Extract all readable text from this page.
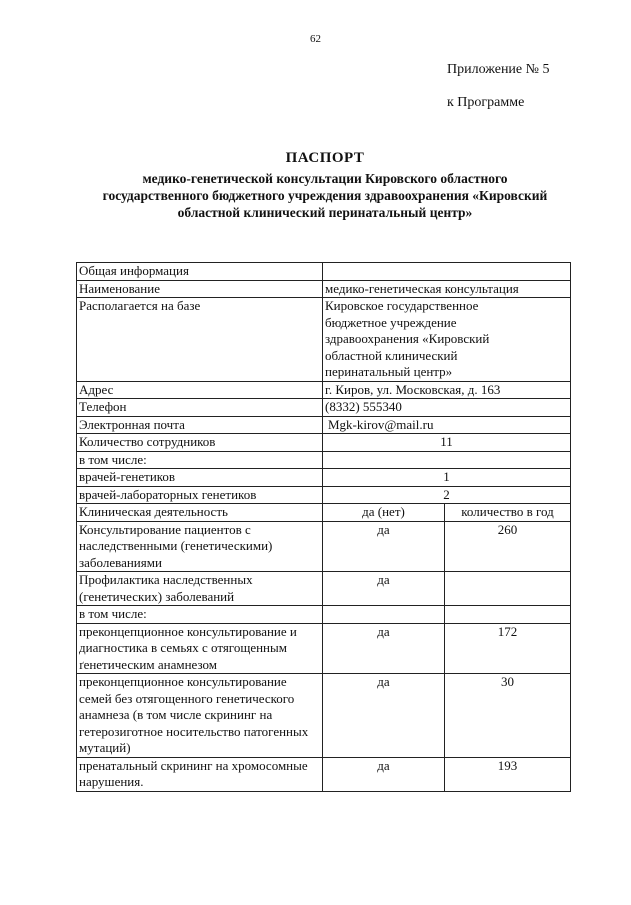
62
Приложение № 5
к Программе
ПАСПОРТ
медико-генетической консультации Кировского областного
государственного бюджетного учреждения здравоохранения «Кировский
областной клинический перинатальный центр»
Общая информация		
Наименование	медико-генетическая консультация	
Располагается на базе	Кировское государственное бюджетное учреждение здравоохранения «Кировский областной клинический перинатальный центр»	
Адрес	г. Киров, ул. Московская, д. 163	
Телефон	(8332) 555340	
Электронная почта	Mgk-kirov@mail.ru	
Количество сотрудников	11	
в том числе:		
врачей-генетиков	1	
врачей-лабораторных генетиков	2	
Клиническая деятельность	да (нет)	количество в год
Консультирование пациентов с наследственными (генетическими) заболеваниями	да	260
Профилактика наследственных (генетических) заболеваний	да	
в том числе:		
преконцепционное консультирование и диагностика в семьях с отягощенным ґенетическим анамнезом	да	172
преконцепционное консультирование семей без отягощенного генетического анамнеза (в том числе скрининг на гетерозиготное носительство патогенных мутаций)	да	30
пренатальный скрининг на хромосомные нарушения.	да	193
